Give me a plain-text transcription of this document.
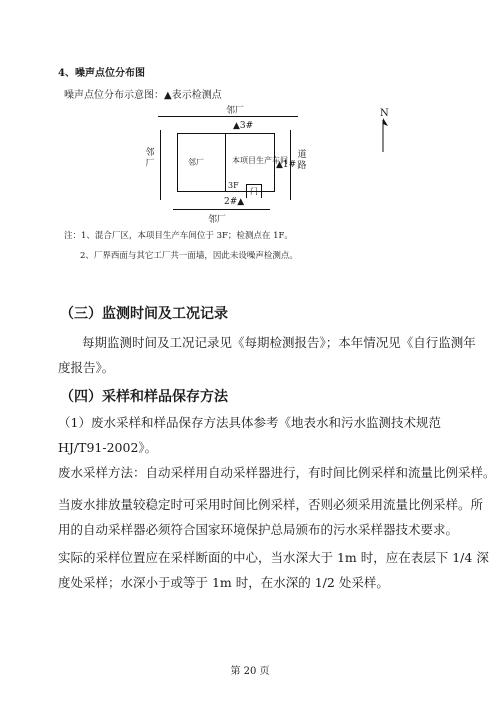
4、噪声点位分布图
噪声点位分布示意图：▲表示检测点
邻厂
邻厂
道路
邻厂	本项目生产车间
3F
门
▲3#
▲1#
2#▲
邻厂
N
注：1、混合厂区，本项目生产车间位于 3F；检测点在 1F。
2、厂界西面与其它工厂共一面墙，因此未设噪声检测点。
（三）监测时间及工况记录
每期监测时间及工况记录见《每期检测报告》；本年情况见《自行监测年
度报告》。
（四）采样和样品保存方法
（1）废水采样和样品保存方法具体参考《地表水和污水监测技术规范
HJ/T91-2002》。
废水采样方法：自动采样用自动采样器进行，有时间比例采样和流量比例采样。
当废水排放量较稳定时可采用时间比例采样，否则必须采用流量比例采样。所
用的自动采样器必须符合国家环境保护总局颁布的污水采样器技术要求。
实际的采样位置应在采样断面的中心，当水深大于 1m 时，应在表层下 1/4 深
度处采样；水深小于或等于 1m 时，在水深的 1/2 处采样。
第 20 页
